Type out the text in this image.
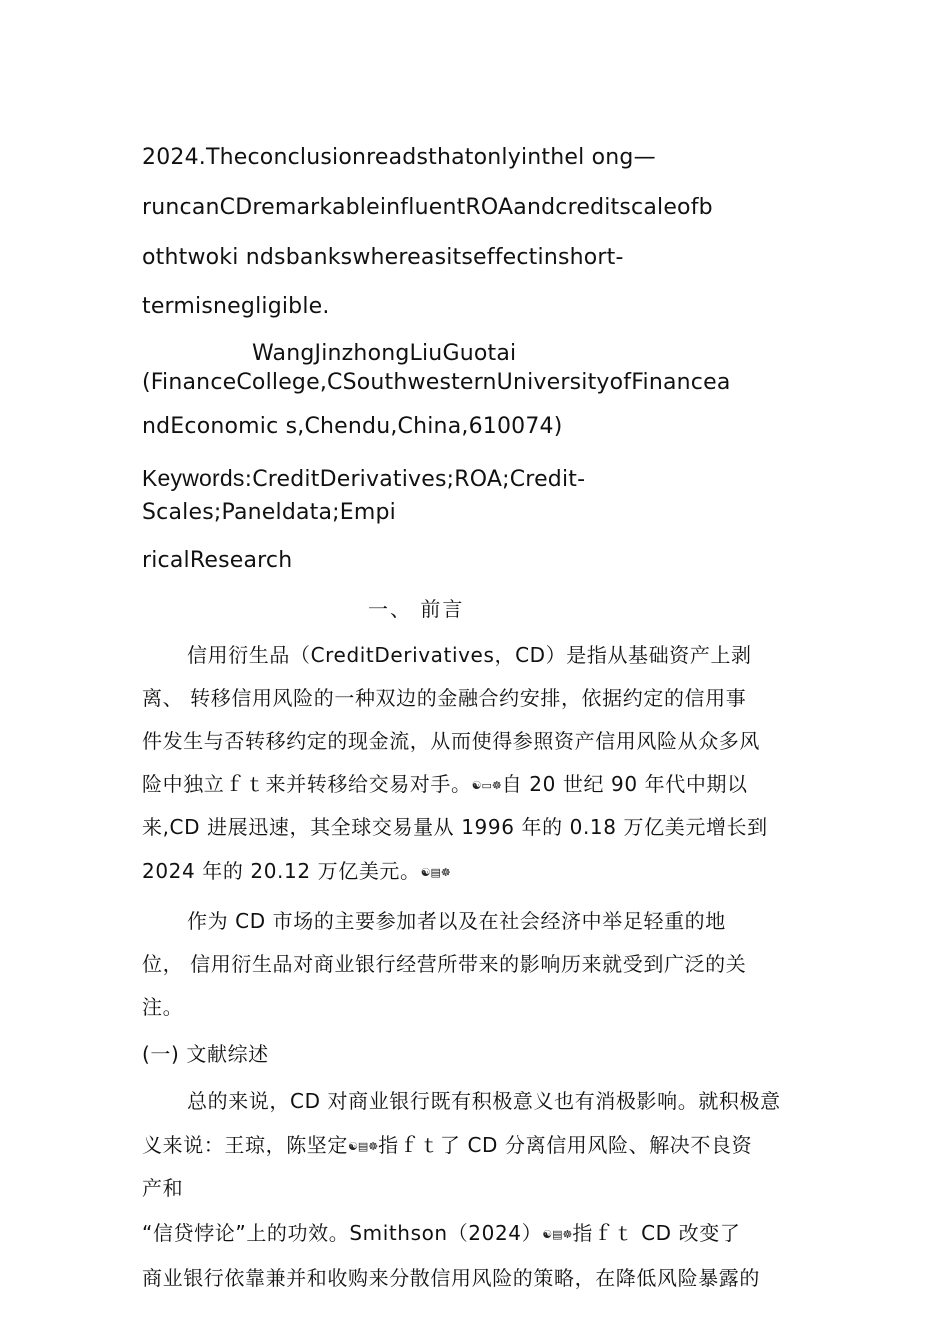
2024.Theconclusionreadsthatonlyinthel ong—
runcanCDremarkableinfluentROAandcreditscaleofb
othtwoki ndsbankswhereasitseffectinshort-
termisnegligible.
WangJinzhongLiuGuotai
(FinanceCollege,CSouthwesternUniversityofFinancea
ndEconomic s,Chendu,China,610074)
Keywords:CreditDerivatives;ROA;Credit-
Scales;Paneldata;Empi
ricalResearch
一、 前言
信用衍生品（CreditDerivatives，CD）是指从基础资产上剥
离、 转移信用风险的一种双边的金融合约安排，依据约定的信用事
件发生与否转移约定的现金流，从而使得参照资产信用风险从众多风
险中独立ｆｔ来并转移给交易对手。☯▭☸自 20 世纪 90 年代中期以
来,CD 进展迅速，其全球交易量从 1996 年的 0.18 万亿美元增长到
2024 年的 20.12 万亿美元。☯▤☸
作为 CD 市场的主要参加者以及在社会经济中举足轻重的地
位， 信用衍生品对商业银行经营所带来的影响历来就受到广泛的关
注。
(一) 文献综述
总的来说，CD 对商业银行既有积极意义也有消极影响。就积极意
义来说：王琼，陈坚定☯▤☸指ｆｔ了 CD 分离信用风险、解决不良资
产和
“信贷悖论”上的功效。Smithson（2024）☯▤☸指ｆｔ CD 改变了
商业银行依靠兼并和收购来分散信用风险的策略，在降低风险暴露的
